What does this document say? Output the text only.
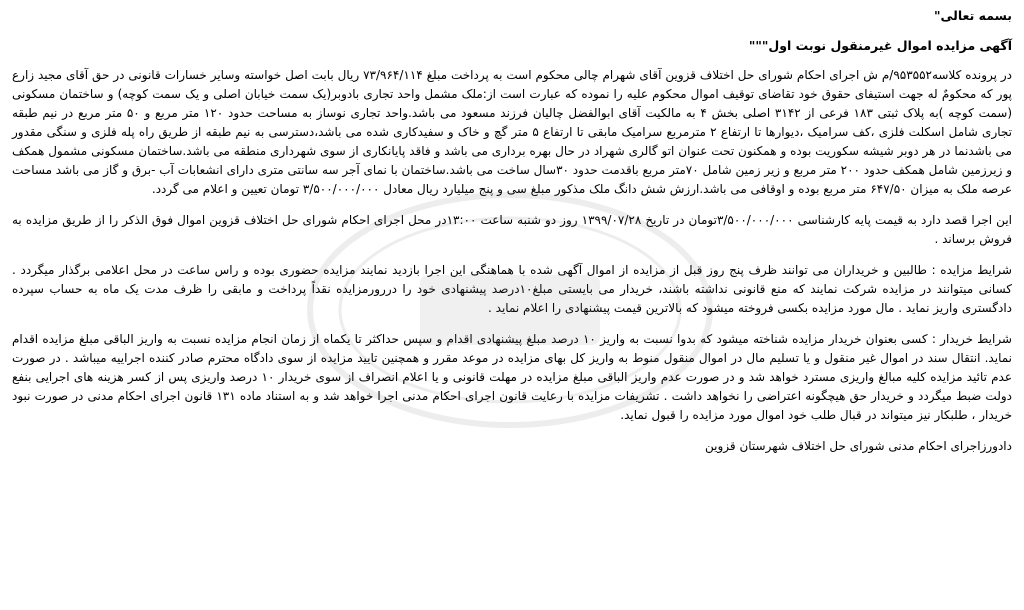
بسمه تعالی"
آگهی مزایده اموال غیرمنقول نوبت اول"""

در پرونده کلاسه۹۵۳۵۵۲/م ش اجرای احکام شورای حل اختلاف قزوین آقای شهرام چالی محکوم است به پرداخت مبلغ ۷۳/۹۶۴/۱۱۴ ریال بابت اصل خواسته وسایر خسارات قانونی در حق آقای مجید زارع پور که محکومٌ له جهت استیفای حقوق خود تقاضای توقیف اموال محکوم علیه را نموده که عبارت است از:ملک مشمل واحد تجاری بادوبر(یک سمت خیابان اصلی و یک سمت کوچه) و ساختمان مسکونی (سمت کوچه )به پلاک ثبتی ۱۸۳ فرعی از ۳۱۴۲ اصلی بخش ۴ به مالکیت آقای ابوالفضل چالیان فرزند مسعود می باشد.واحد تجاری نوساز به مساحت حدود ۱۲۰ متر مربع و ۵۰ متر مربع در نیم طبقه تجاری شامل اسکلت فلزی ،کف سرامیک ،دیوارها تا ارتفاع ۲ مترمربع سرامیک مابقی تا ارتفاع ۵ متر گچ و خاک و سفیدکاری شده می باشد،دسترسی به نیم طبقه از طریق راه پله فلزی و سنگی مقدور می باشدنما در هر دوبر شیشه سکوریت بوده و همکنون تحت عنوان اتو گالری شهراد در حال بهره برداری می باشد و فاقد پایانکاری از سوی شهرداری منطقه می باشد.ساختمان مسکونی مشمول همکف و زیرزمین شامل همکف حدود ۲۰۰ متر مربع و زیر زمین شامل ۷۰متر مربع باقدمت حدود ۳۰سال ساخت می باشد.ساختمان با نمای آجر سه سانتی متری دارای انشعابات آب -برق و گاز می باشد مساحت عرصه ملک به میزان ۶۴۷/۵۰ متر مربع بوده و اوقافی می باشد.ارزش شش دانگ ملک مذکور مبلغ سی و پنج میلیارد ریال معادل ۳/۵۰۰/۰۰۰/۰۰۰ تومان تعیین و اعلام می گردد.

این اجرا قصد دارد به قیمت پایه کارشناسی ۳/۵۰۰/۰۰۰/۰۰۰تومان در تاریخ ۱۳۹۹/۰۷/۲۸ روز دو شنبه ساعت ۱۳:۰۰در محل اجرای احکام شورای حل اختلاف قزوین اموال فوق الذکر را از طریق مزایده به فروش برساند .

شرایط مزایده : طالبین و خریداران می توانند ظرف پنج روز قبل از مزایده از اموال آگهی شده با هماهنگی این اجرا بازدید نمایند مزایده حضوری بوده و راس ساعت در محل اعلامی برگذار میگردد . کسانی میتوانند در مزایده شرکت نمایند که منع قانونی نداشته باشند، خریدار می بایستی مبلغ۱۰درصد پیشنهادی خود را دررورمزایده نقداً پرداخت و مابقی را ظرف مدت یک ماه به حساب سپرده دادگستری واریز نماید . مال مورد مزایده بکسی فروخته میشود که بالاترین قیمت پیشنهادی را اعلام نماید .

شرایط خریدار : کسی بعنوان خریدار مزایده شناخته میشود که بدوا نسبت به واریز ۱۰ درصد مبلغ پیشنهادی اقدام و سپس حداکثر تا یکماه از زمان انجام مزایده نسبت به واریز الباقی مبلغ مزایده اقدام نماید. انتقال سند در اموال غیر منقول و یا تسلیم مال در اموال منقول منوط به واریز کل بهای مزایده در موعد مقرر و همچنین تایید مزایده از سوی دادگاه محترم صادر کننده اجراییه میباشد . در صورت عدم تائید مزایده کلیه مبالغ واریزی مسترد خواهد شد و در صورت عدم واریز الباقی مبلغ مزایده در مهلت قانونی و یا اعلام انصراف از سوی خریدار ۱۰ درصد واریزی پس از کسر هزینه های اجرایی بنفع دولت ضبط میگردد و خریدار حق هیچگونه اعتراضی را نخواهد داشت . تشریفات مزایده با رعایت قانون اجرای احکام مدنی اجرا خواهد شد و به استناد ماده ۱۳۱ قانون اجرای احکام مدنی در صورت نبود خریدار ، طلبکار نیز میتواند در قبال طلب خود اموال مورد مزایده را قبول نماید.

دادورزاجرای احکام مدنی شورای حل اختلاف شهرستان قزوین
